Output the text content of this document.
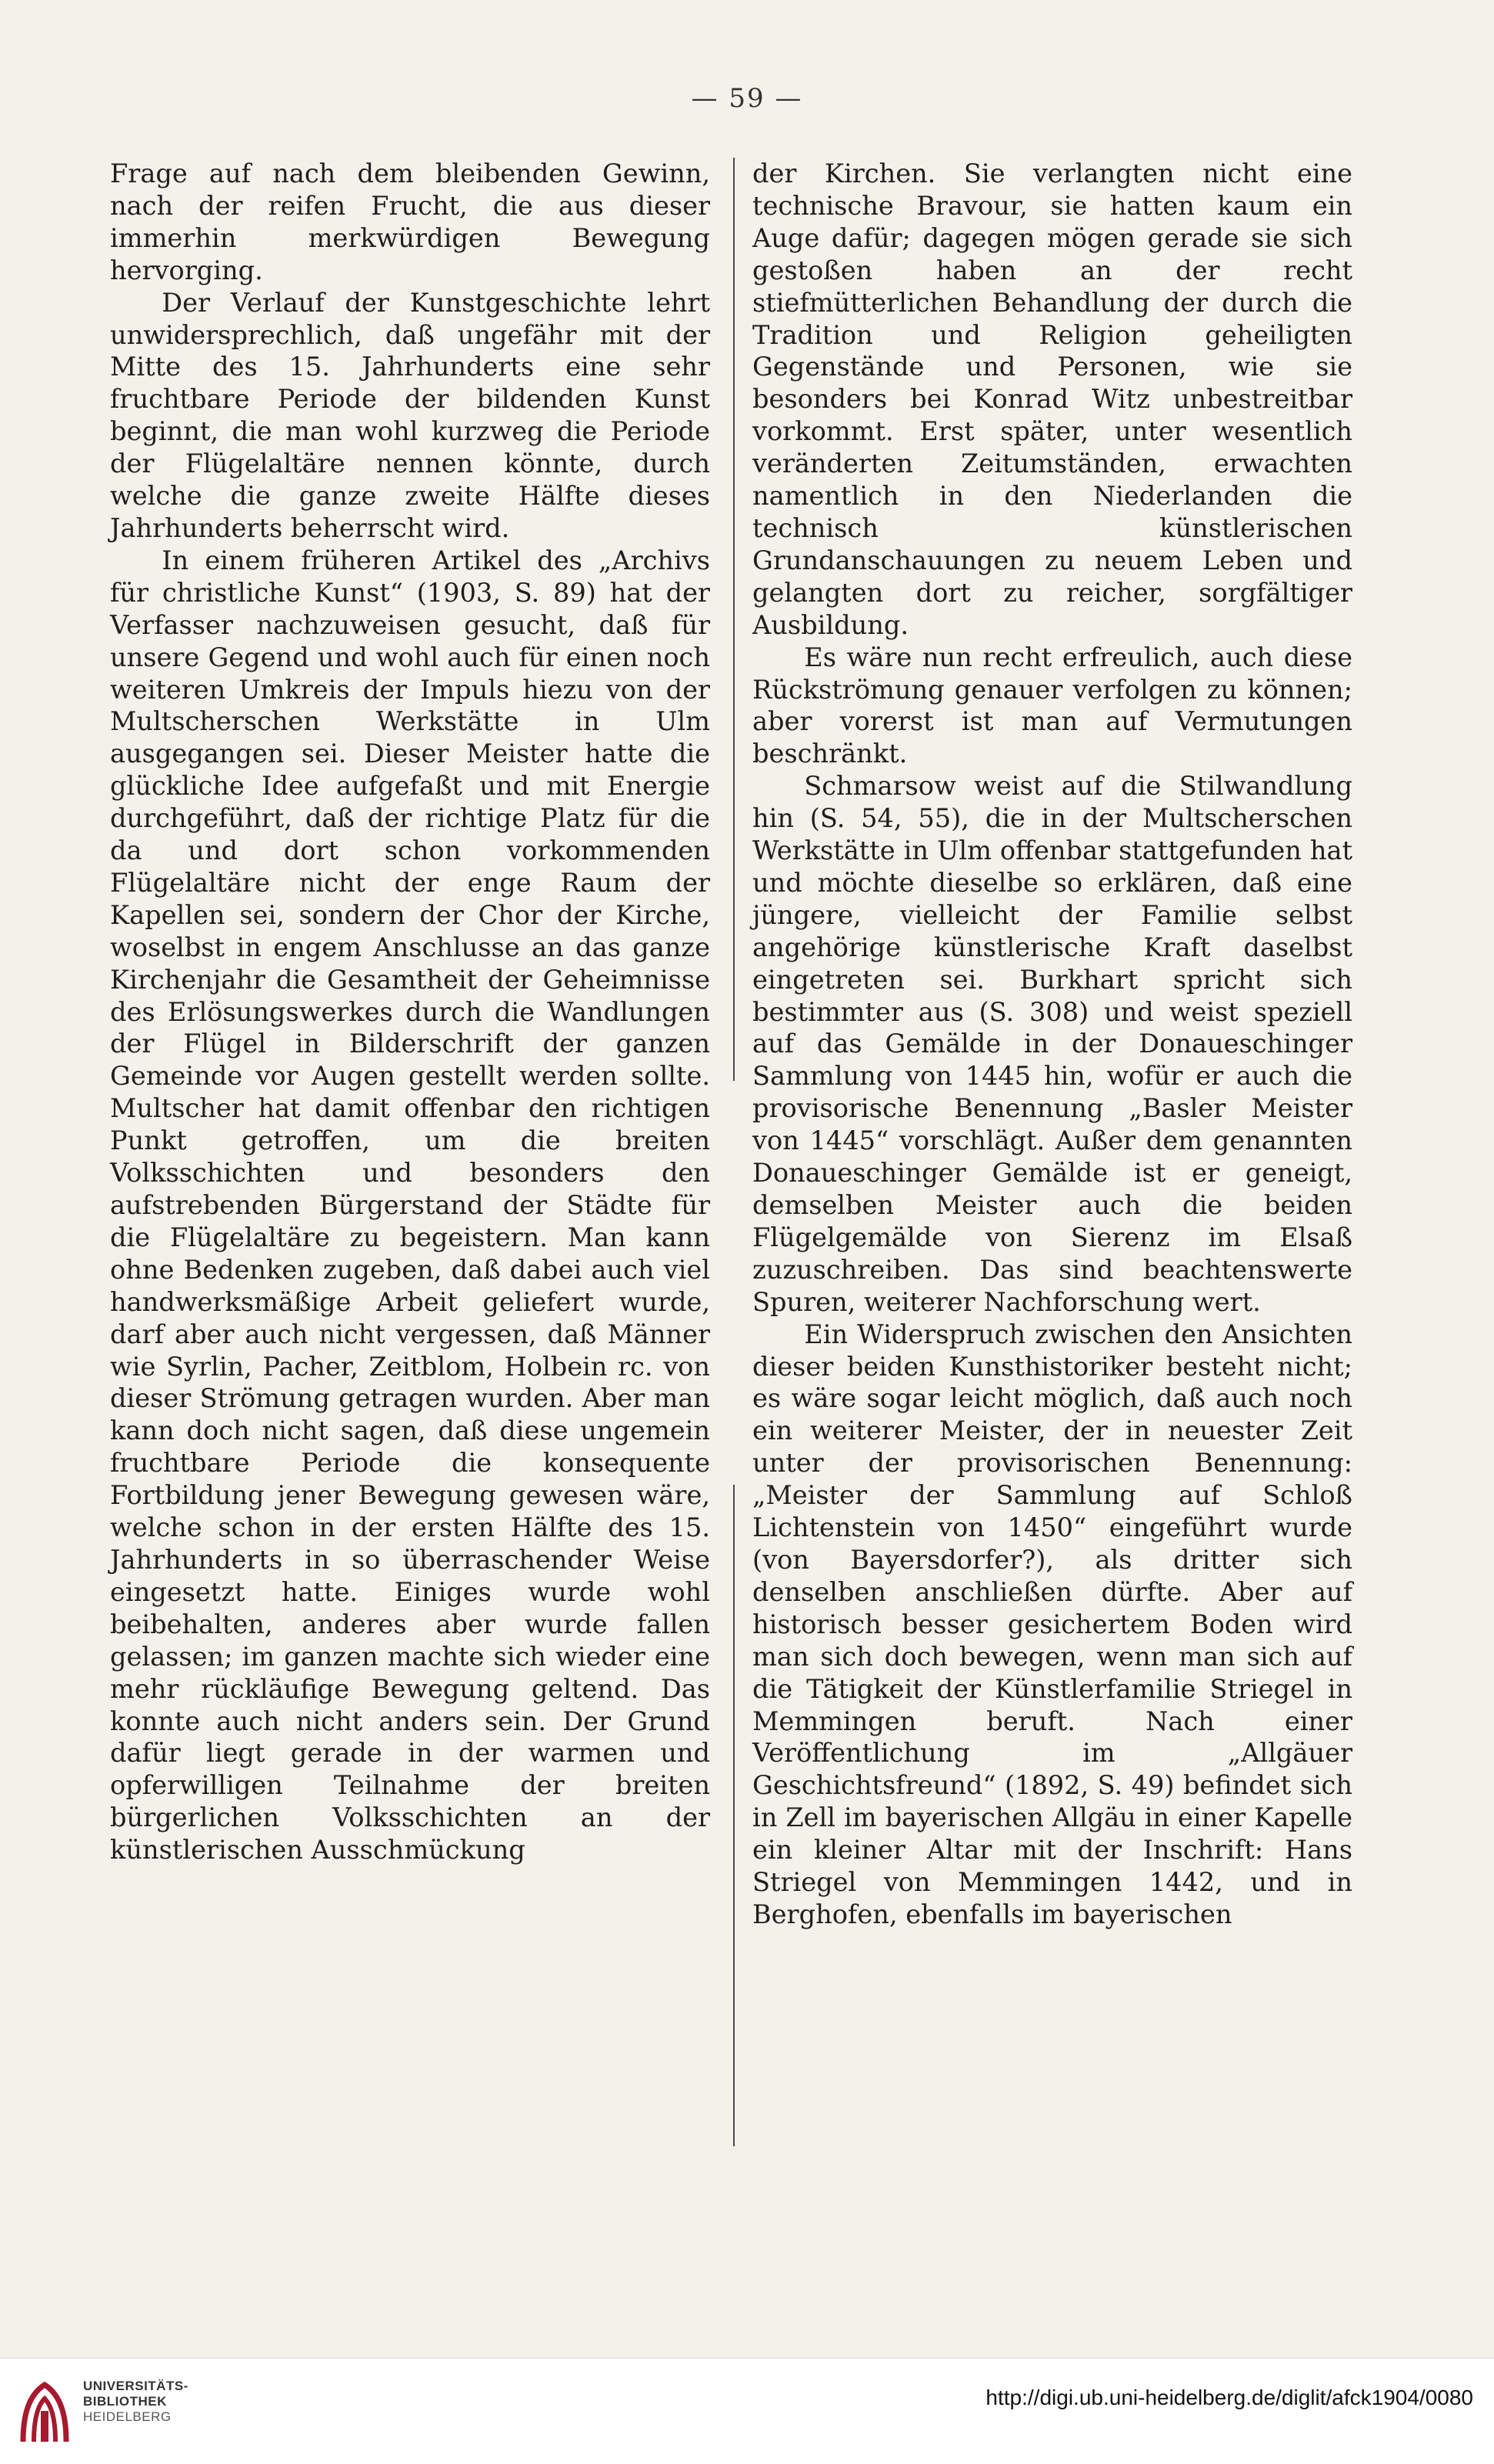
— 59 —

Frage auf nach dem bleibenden Gewinn, nach der reifen Frucht, die aus dieser immerhin merkwürdigen Bewegung hervorging.

Der Verlauf der Kunstgeschichte lehrt unwidersprechlich, daß ungefähr mit der Mitte des 15. Jahrhunderts eine sehr fruchtbare Periode der bildenden Kunst beginnt, die man wohl kurzweg die Periode der Flügelaltäre nennen könnte, durch welche die ganze zweite Hälfte dieses Jahrhunderts beherrscht wird.

In einem früheren Artikel des „Archivs für christliche Kunst“ (1903, S. 89) hat der Verfasser nachzuweisen gesucht, daß für unsere Gegend und wohl auch für einen noch weiteren Umkreis der Impuls hiezu von der Multscherschen Werkstätte in Ulm ausgegangen sei. Dieser Meister hatte die glückliche Idee aufgefaßt und mit Energie durchgeführt, daß der richtige Platz für die da und dort schon vorkommenden Flügelaltäre nicht der enge Raum der Kapellen sei, sondern der Chor der Kirche, woselbst in engem Anschlusse an das ganze Kirchenjahr die Gesamtheit der Geheimnisse des Erlösungswerkes durch die Wandlungen der Flügel in Bilderschrift der ganzen Gemeinde vor Augen gestellt werden sollte. Multscher hat damit offenbar den richtigen Punkt getroffen, um die breiten Volksschichten und besonders den aufstrebenden Bürgerstand der Städte für die Flügelaltäre zu begeistern. Man kann ohne Bedenken zugeben, daß dabei auch viel handwerksmäßige Arbeit geliefert wurde, darf aber auch nicht vergessen, daß Männer wie Syrlin, Pacher, Zeitblom, Holbein rc. von dieser Strömung getragen wurden. Aber man kann doch nicht sagen, daß diese ungemein fruchtbare Periode die konsequente Fortbildung jener Bewegung gewesen wäre, welche schon in der ersten Hälfte des 15. Jahrhunderts in so überraschender Weise eingesetzt hatte. Einiges wurde wohl beibehalten, anderes aber wurde fallen gelassen; im ganzen machte sich wieder eine mehr rückläufige Bewegung geltend. Das konnte auch nicht anders sein. Der Grund dafür liegt gerade in der warmen und opferwilligen Teilnahme der breiten bürgerlichen Volksschichten an der künstlerischen Ausschmückung

der Kirchen. Sie verlangten nicht eine technische Bravour, sie hatten kaum ein Auge dafür; dagegen mögen gerade sie sich gestoßen haben an der recht stiefmütterlichen Behandlung der durch die Tradition und Religion geheiligten Gegenstände und Personen, wie sie besonders bei Konrad Witz unbestreitbar vorkommt. Erst später, unter wesentlich veränderten Zeitumständen, erwachten namentlich in den Niederlanden die technisch künstlerischen Grundanschauungen zu neuem Leben und gelangten dort zu reicher, sorgfältiger Ausbildung.

Es wäre nun recht erfreulich, auch diese Rückströmung genauer verfolgen zu können; aber vorerst ist man auf Vermutungen beschränkt.

Schmarsow weist auf die Stilwandlung hin (S. 54, 55), die in der Multscherschen Werkstätte in Ulm offenbar stattgefunden hat und möchte dieselbe so erklären, daß eine jüngere, vielleicht der Familie selbst angehörige künstlerische Kraft daselbst eingetreten sei. Burkhart spricht sich bestimmter aus (S. 308) und weist speziell auf das Gemälde in der Donaueschinger Sammlung von 1445 hin, wofür er auch die provisorische Benennung „Basler Meister von 1445“ vorschlägt. Außer dem genannten Donaueschinger Gemälde ist er geneigt, demselben Meister auch die beiden Flügelgemälde von Sierenz im Elsaß zuzuschreiben. Das sind beachtenswerte Spuren, weiterer Nachforschung wert.

Ein Widerspruch zwischen den Ansichten dieser beiden Kunsthistoriker besteht nicht; es wäre sogar leicht möglich, daß auch noch ein weiterer Meister, der in neuester Zeit unter der provisorischen Benennung: „Meister der Sammlung auf Schloß Lichtenstein von 1450“ eingeführt wurde (von Bayersdorfer?), als dritter sich denselben anschließen dürfte. Aber auf historisch besser gesichertem Boden wird man sich doch bewegen, wenn man sich auf die Tätigkeit der Künstlerfamilie Striegel in Memmingen beruft. Nach einer Veröffentlichung im „Allgäuer Geschichtsfreund“ (1892, S. 49) befindet sich in Zell im bayerischen Allgäu in einer Kapelle ein kleiner Altar mit der Inschrift: Hans Striegel von Memmingen 1442, und in Berghofen, ebenfalls im bayerischen

UNIVERSITÄTS-
BIBLIOTHEK
HEIDELBERG
http://digi.ub.uni-heidelberg.de/diglit/afck1904/0080
